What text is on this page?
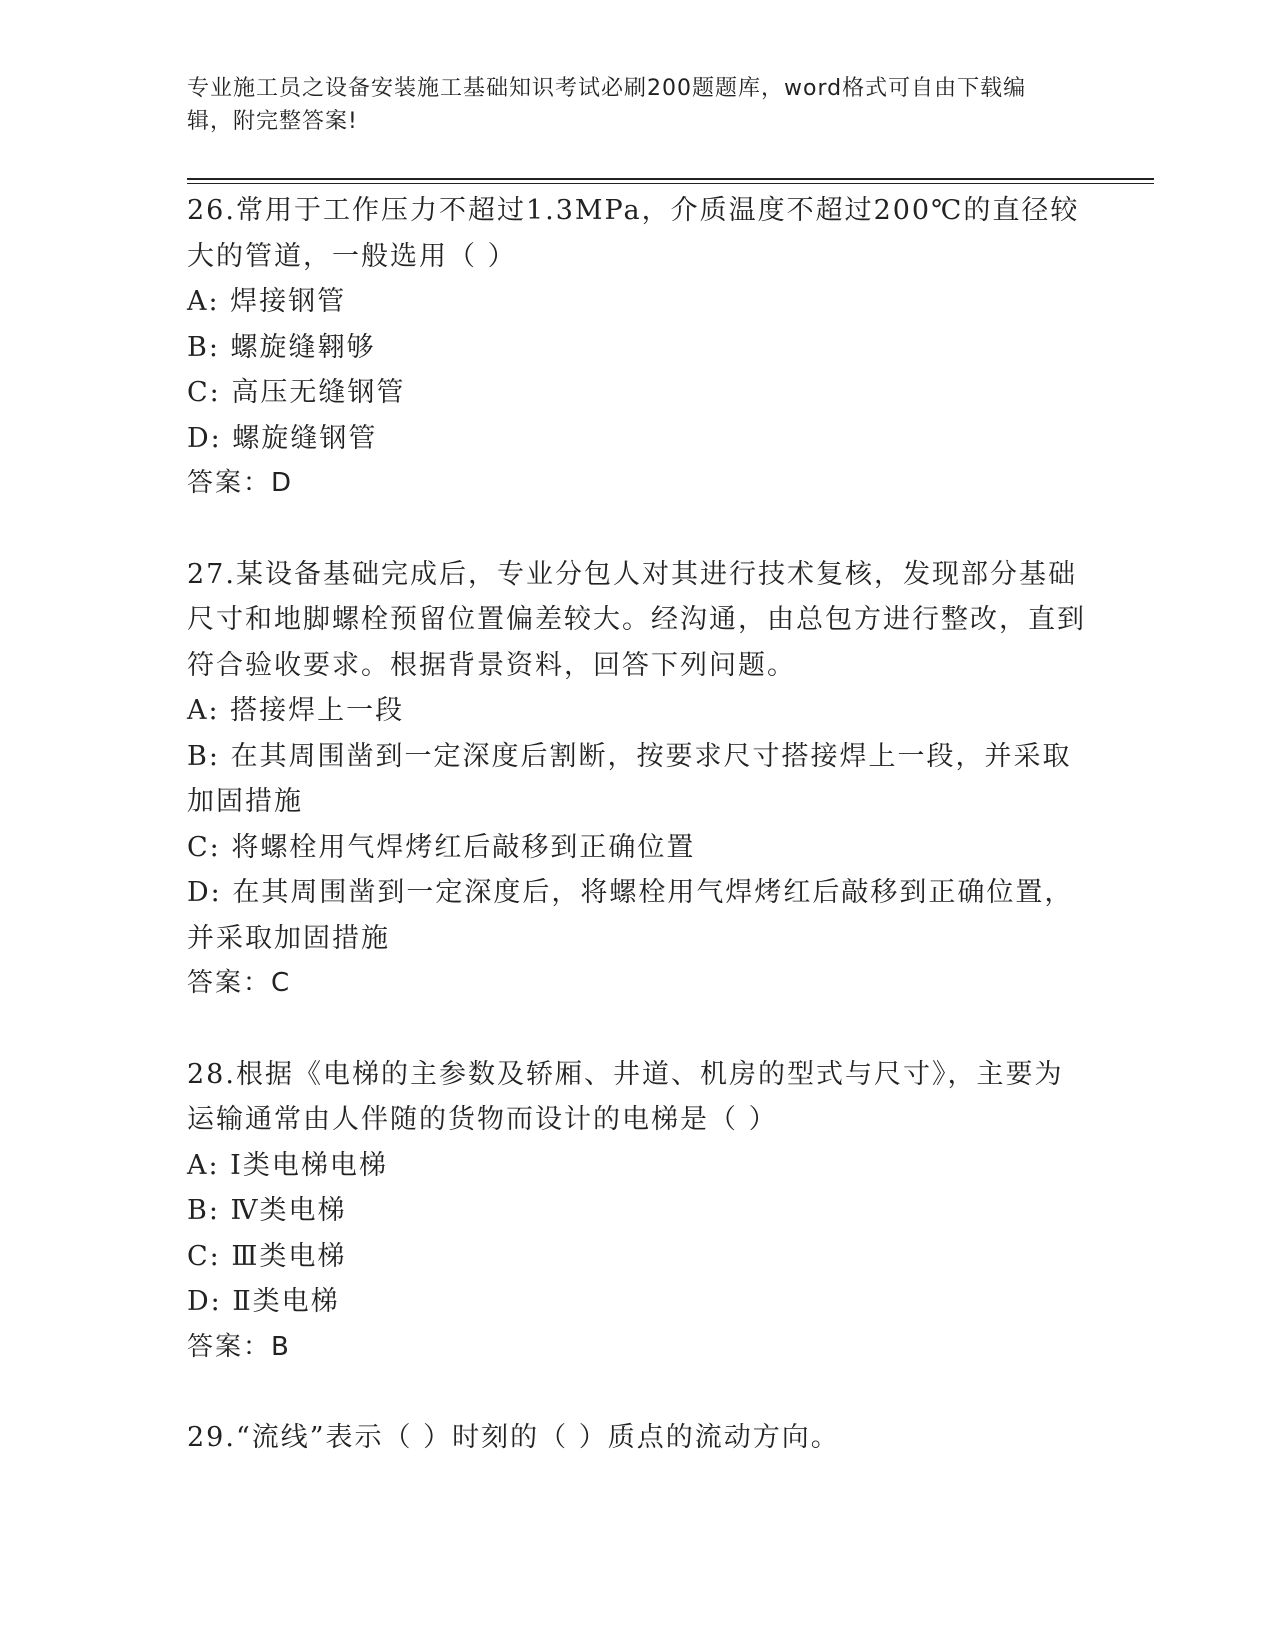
专业施工员之设备安装施工基础知识考试必刷200题题库，word格式可自由下载编辑，附完整答案!

26.常用于工作压力不超过1.3MPa，介质温度不超过200℃的直径较大的管道，一般选用（ ）

A: 焊接钢管

B: 螺旋缝翱够

C: 高压无缝钢管

D: 螺旋缝钢管

答案：D

27.某设备基础完成后，专业分包人对其进行技术复核，发现部分基础尺寸和地脚螺栓预留位置偏差较大。经沟通，由总包方进行整改，直到符合验收要求。根据背景资料，回答下列问题。

A: 搭接焊上一段

B: 在其周围凿到一定深度后割断，按要求尺寸搭接焊上一段，并采取加固措施

C: 将螺栓用气焊烤红后敲移到正确位置

D: 在其周围凿到一定深度后，将螺栓用气焊烤红后敲移到正确位置，并采取加固措施

答案：C

28.根据《电梯的主参数及轿厢、井道、机房的型式与尺寸》，主要为运输通常由人伴随的货物而设计的电梯是（ ）

A: Ⅰ类电梯电梯

B: Ⅳ类电梯

C: Ⅲ类电梯

D: Ⅱ类电梯

答案：B

29.“流线”表示（ ）时刻的（ ）质点的流动方向。
